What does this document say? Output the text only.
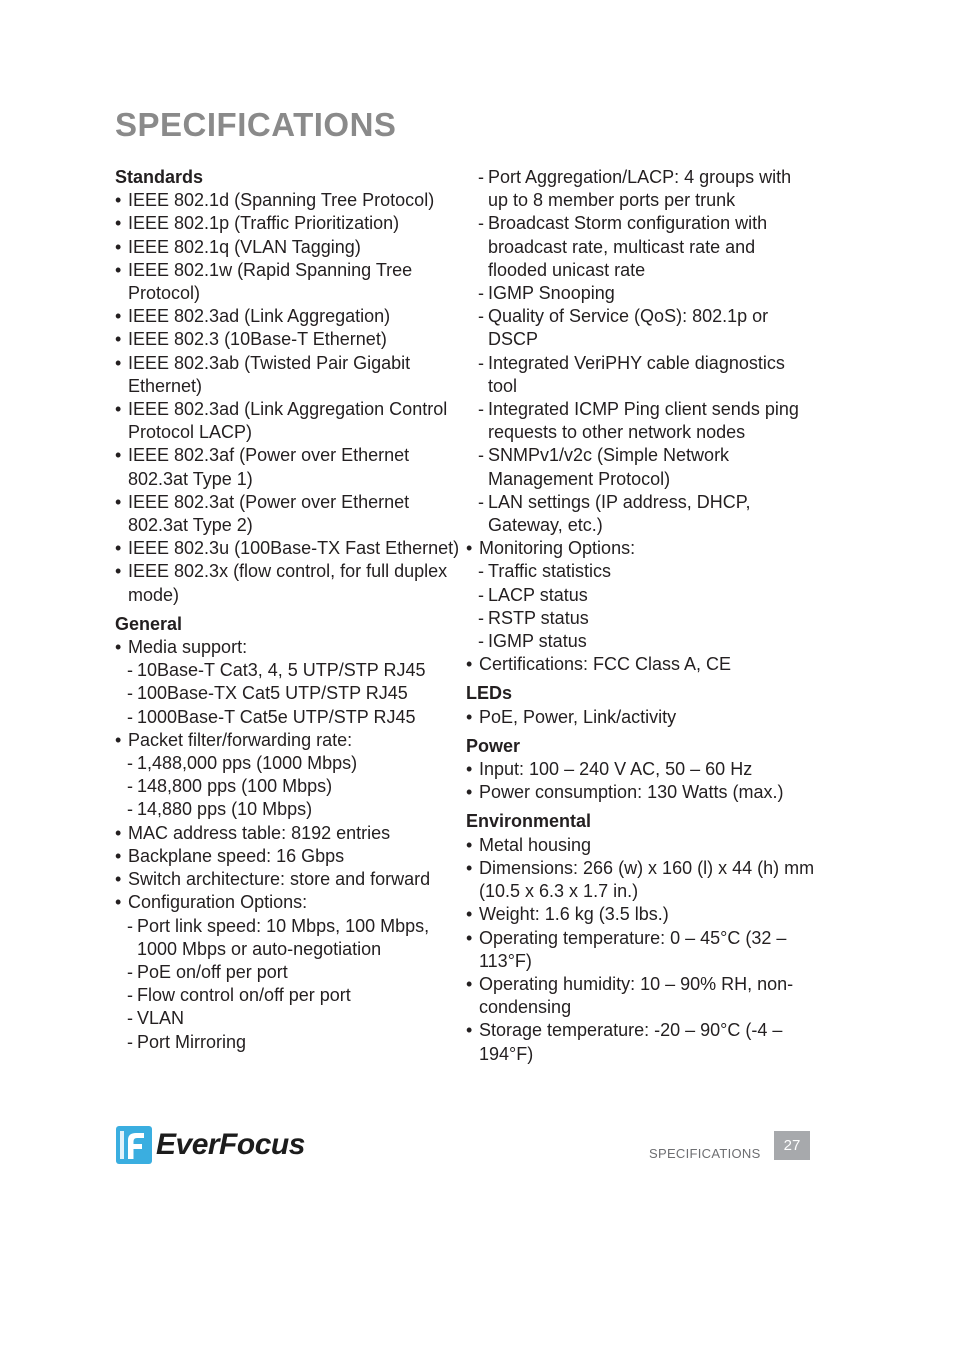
SPECIFICATIONS
Standards
• IEEE 802.1d (Spanning Tree Protocol)
• IEEE 802.1p (Traffic Prioritization)
• IEEE 802.1q (VLAN Tagging)
• IEEE 802.1w (Rapid Spanning Tree Protocol)
• IEEE 802.3ad (Link Aggregation)
• IEEE 802.3 (10Base-T Ethernet)
• IEEE 802.3ab (Twisted Pair Gigabit Ethernet)
• IEEE 802.3ad (Link Aggregation Control Protocol LACP)
• IEEE 802.3af (Power over Ethernet 802.3at Type 1)
• IEEE 802.3at (Power over Ethernet 802.3at Type 2)
• IEEE 802.3u (100Base-TX Fast Ethernet)
• IEEE 802.3x (flow control, for full duplex mode)
General
• Media support:
- 10Base-T Cat3, 4, 5 UTP/STP RJ45
- 100Base-TX Cat5 UTP/STP RJ45
- 1000Base-T Cat5e UTP/STP RJ45
• Packet filter/forwarding rate:
- 1,488,000 pps (1000 Mbps)
- 148,800 pps (100 Mbps)
- 14,880 pps (10 Mbps)
• MAC address table: 8192 entries
• Backplane speed: 16 Gbps
• Switch architecture: store and forward
• Configuration Options:
- Port link speed: 10 Mbps, 100 Mbps, 1000 Mbps or auto-negotiation
- PoE on/off per port
- Flow control on/off per port
- VLAN
- Port Mirroring
- Port Aggregation/LACP: 4 groups with up to 8 member ports per trunk
- Broadcast Storm configuration with broadcast rate, multicast rate and flooded unicast rate
- IGMP Snooping
- Quality of Service (QoS): 802.1p or DSCP
- Integrated VeriPHY cable diagnostics tool
- Integrated ICMP Ping client sends ping requests to other network nodes
- SNMPv1/v2c (Simple Network Management Protocol)
- LAN settings (IP address, DHCP, Gateway, etc.)
• Monitoring Options:
- Traffic statistics
- LACP status
- RSTP status
- IGMP status
• Certifications: FCC Class A, CE
LEDs
• PoE, Power, Link/activity
Power
• Input: 100 – 240 V AC, 50 – 60 Hz
• Power consumption: 130 Watts (max.)
Environmental
• Metal housing
• Dimensions: 266 (w) x 160 (l) x 44 (h) mm (10.5 x 6.3 x 1.7 in.)
• Weight: 1.6 kg (3.5 lbs.)
• Operating temperature: 0 – 45°C (32 – 113°F)
• Operating humidity: 10 – 90% RH, non-condensing
• Storage temperature: -20 – 90°C (-4 – 194°F)
EverFocus	SPECIFICATIONS	27
